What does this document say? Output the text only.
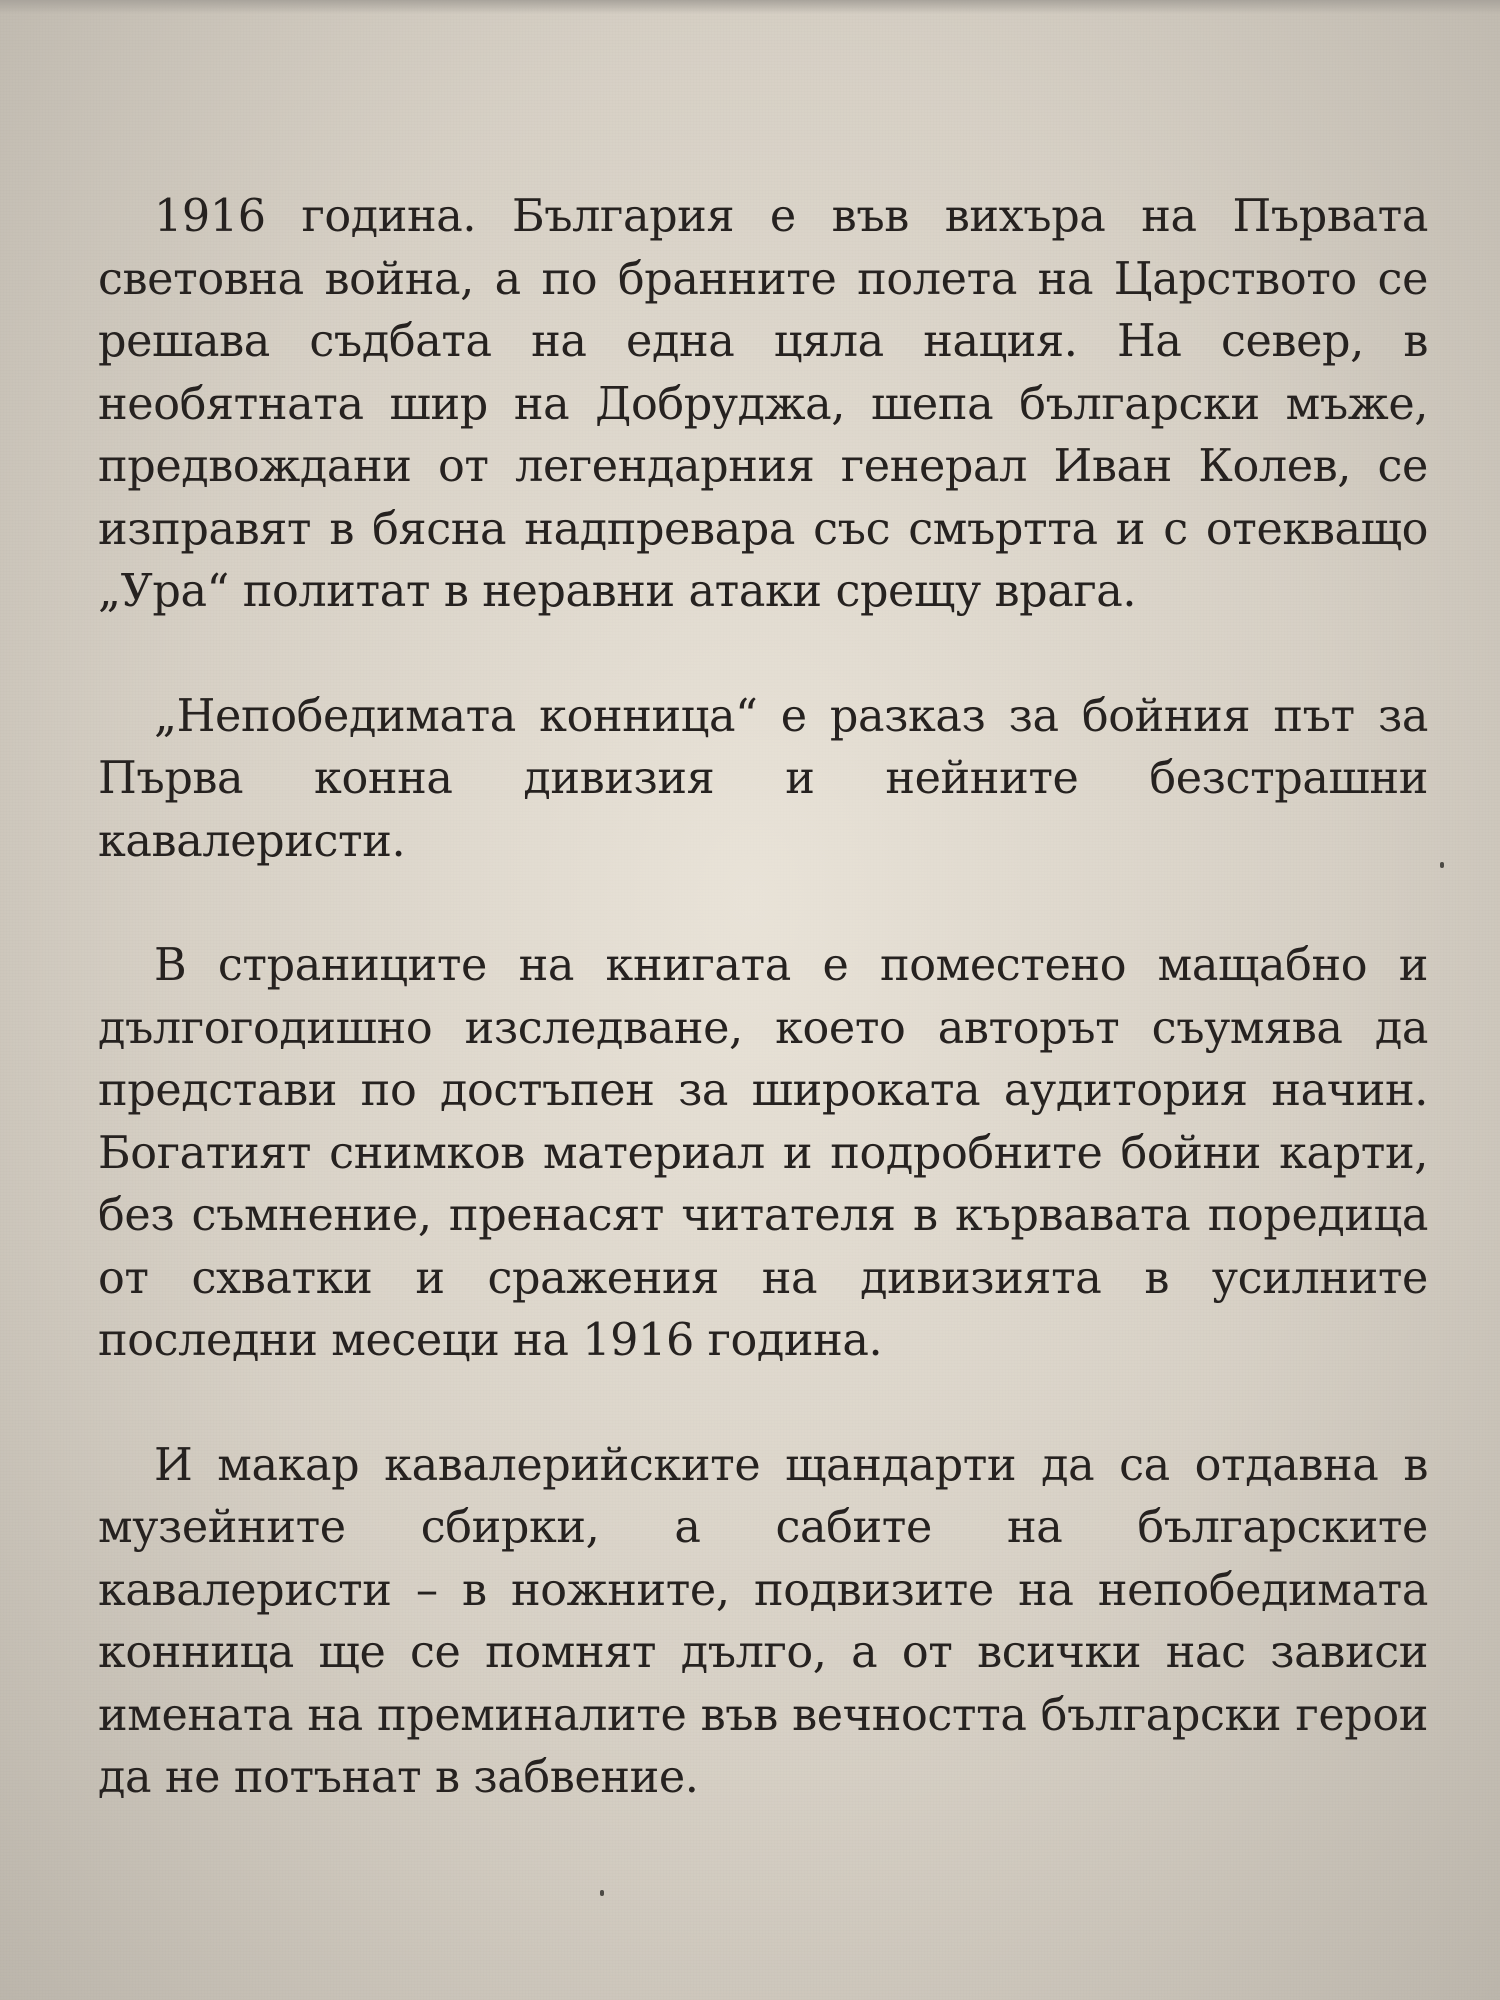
1916 година. България е във вихъра на Първата световна война, а по бранните полета на Царството се решава съдбата на една цяла нация. На север, в необятната шир на Добруджа, шепа български мъже, предвождани от легендарния генерал Иван Колев, се изправят в бясна надпревара със смъртта и с отекващо „Ура“ политат в неравни атаки срещу врага.

„Непобедимата конница“ е разказ за бойния път за Първа конна дивизия и нейните безстрашни кавалеристи.

В страниците на книгата е поместено мащабно и дългогодишно изследване, което авторът съумява да представи по достъпен за широката аудитория начин. Богатият снимков материал и подробните бойни карти, без съмнение, пренасят читателя в кървавата поредица от схватки и сражения на дивизията в усилните последни месеци на 1916 година.

И макар кавалерийските щандарти да са отдавна в музейните сбирки, а сабите на българските кавалеристи – в ножните, подвизите на непобедимата конница ще се помнят дълго, а от всички нас зависи имената на преминалите във вечността български герои да не потънат в забвение.
